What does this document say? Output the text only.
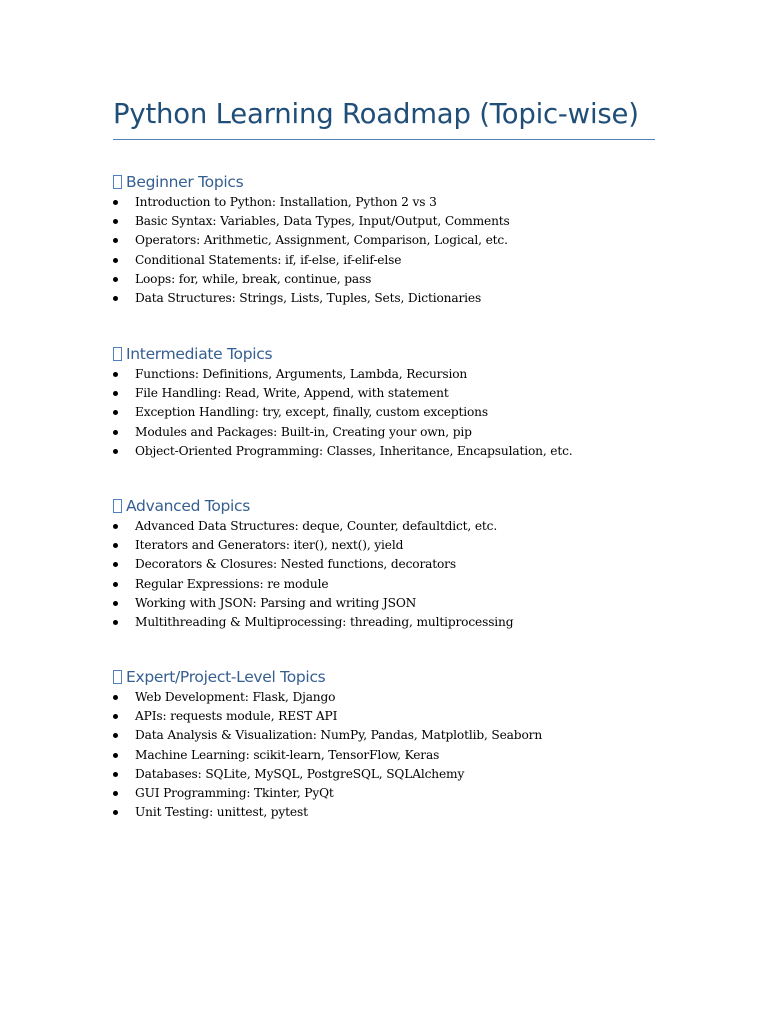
Python Learning Roadmap (Topic-wise)
Beginner Topics
Introduction to Python: Installation, Python 2 vs 3
Basic Syntax: Variables, Data Types, Input/Output, Comments
Operators: Arithmetic, Assignment, Comparison, Logical, etc.
Conditional Statements: if, if-else, if-elif-else
Loops: for, while, break, continue, pass
Data Structures: Strings, Lists, Tuples, Sets, Dictionaries
Intermediate Topics
Functions: Definitions, Arguments, Lambda, Recursion
File Handling: Read, Write, Append, with statement
Exception Handling: try, except, finally, custom exceptions
Modules and Packages: Built-in, Creating your own, pip
Object-Oriented Programming: Classes, Inheritance, Encapsulation, etc.
Advanced Topics
Advanced Data Structures: deque, Counter, defaultdict, etc.
Iterators and Generators: iter(), next(), yield
Decorators & Closures: Nested functions, decorators
Regular Expressions: re module
Working with JSON: Parsing and writing JSON
Multithreading & Multiprocessing: threading, multiprocessing
Expert/Project-Level Topics
Web Development: Flask, Django
APIs: requests module, REST API
Data Analysis & Visualization: NumPy, Pandas, Matplotlib, Seaborn
Machine Learning: scikit-learn, TensorFlow, Keras
Databases: SQLite, MySQL, PostgreSQL, SQLAlchemy
GUI Programming: Tkinter, PyQt
Unit Testing: unittest, pytest
